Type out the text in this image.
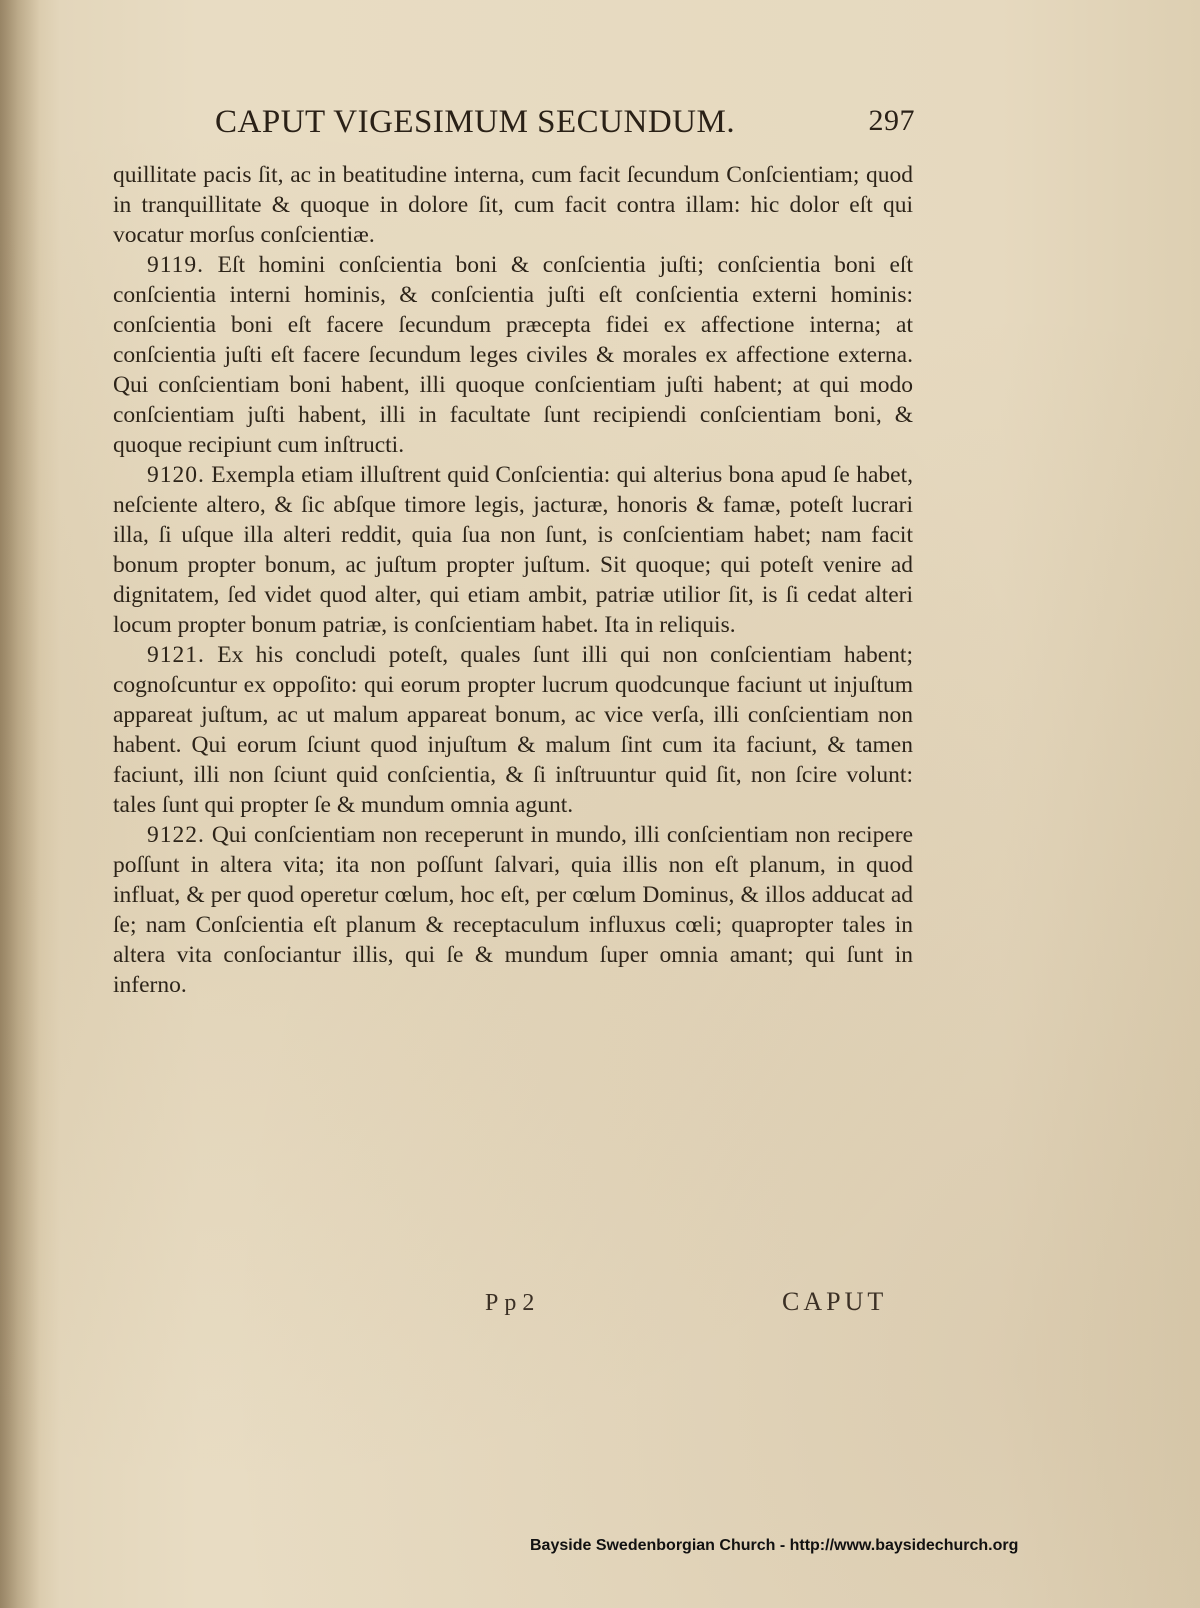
CAPUT VIGESIMUM SECUNDUM.	297

quillitate pacis ſit, ac in beatitudine interna, cum facit ſecundum Conſcientiam; quod in tranquillitate & quoque in dolore ſit, cum facit contra illam: hic dolor eſt qui vocatur morſus conſcientiæ.

9119. Eſt homini conſcientia boni & conſcientia juſti; conſcientia boni eſt conſcientia interni hominis, & conſcientia juſti eſt conſcientia externi hominis: conſcientia boni eſt facere ſecundum præcepta fidei ex affectione interna; at conſcientia juſti eſt facere ſecundum leges civiles & morales ex affectione externa. Qui conſcientiam boni habent, illi quoque conſcientiam juſti habent; at qui modo conſcientiam juſti habent, illi in facultate ſunt recipiendi conſcientiam boni, & quoque recipiunt cum inſtructi.

9120. Exempla etiam illuſtrent quid Conſcientia: qui alterius bona apud ſe habet, neſciente altero, & ſic abſque timore legis, jacturæ, honoris & famæ, poteſt lucrari illa, ſi uſque illa alteri reddit, quia ſua non ſunt, is conſcientiam habet; nam facit bonum propter bonum, ac juſtum propter juſtum. Sit quoque; qui poteſt venire ad dignitatem, ſed videt quod alter, qui etiam ambit, patriæ utilior ſit, is ſi cedat alteri locum propter bonum patriæ, is conſcientiam habet. Ita in reliquis.

9121. Ex his concludi poteſt, quales ſunt illi qui non conſcientiam habent; cognoſcuntur ex oppoſito: qui eorum propter lucrum quodcunque faciunt ut injuſtum appareat juſtum, ac ut malum appareat bonum, ac vice verſa, illi conſcientiam non habent. Qui eorum ſciunt quod injuſtum & malum ſint cum ita faciunt, & tamen faciunt, illi non ſciunt quid conſcientia, & ſi inſtruuntur quid ſit, non ſcire volunt: tales ſunt qui propter ſe & mundum omnia agunt.

9122. Qui conſcientiam non receperunt in mundo, illi conſcientiam non recipere poſſunt in altera vita; ita non poſſunt ſalvari, quia illis non eſt planum, in quod influat, & per quod operetur cœlum, hoc eſt, per cœlum Dominus, & illos adducat ad ſe; nam Conſcientia eſt planum & receptaculum influxus cœli; quapropter tales in altera vita conſociantur illis, qui ſe & mundum ſuper omnia amant; qui ſunt in inferno.

Pp2	CAPUT
Bayside Swedenborgian Church - http://www.baysidechurch.org
